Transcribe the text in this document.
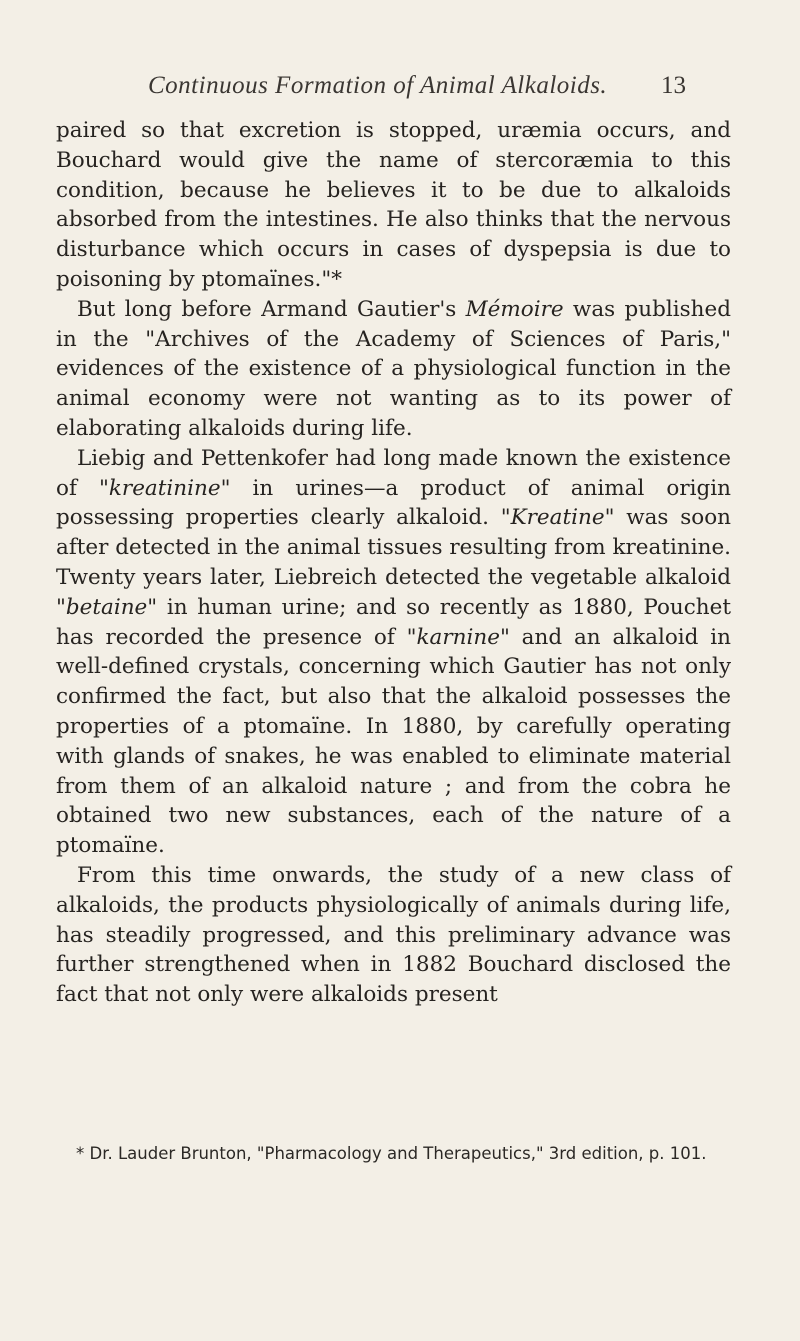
Continuous Formation of Animal Alkaloids. 13

paired so that excretion is stopped, uræmia occurs, and Bouchard would give the name of stercoræmia to this condition, because he believes it to be due to alkaloids absorbed from the intestines. He also thinks that the nervous disturbance which occurs in cases of dyspepsia is due to poisoning by ptomaïnes."*

But long before Armand Gautier's Mémoire was published in the "Archives of the Academy of Sciences of Paris," evidences of the existence of a physiological function in the animal economy were not wanting as to its power of elaborating alkaloids during life.

Liebig and Pettenkofer had long made known the existence of "kreatinine" in urines—a product of animal origin possessing properties clearly alkaloid. "Kreatine" was soon after detected in the animal tissues resulting from kreatinine. Twenty years later, Liebreich detected the vegetable alkaloid "betaine" in human urine; and so recently as 1880, Pouchet has recorded the presence of "karnine" and an alkaloid in well-defined crystals, concerning which Gautier has not only confirmed the fact, but also that the alkaloid possesses the properties of a ptomaïne. In 1880, by carefully operating with glands of snakes, he was enabled to eliminate material from them of an alkaloid nature ; and from the cobra he obtained two new substances, each of the nature of a ptomaïne.

From this time onwards, the study of a new class of alkaloids, the products physiologically of animals during life, has steadily progressed, and this preliminary advance was further strengthened when in 1882 Bouchard disclosed the fact that not only were alkaloids present

* Dr. Lauder Brunton, "Pharmacology and Therapeutics," 3rd edition, p. 101.
